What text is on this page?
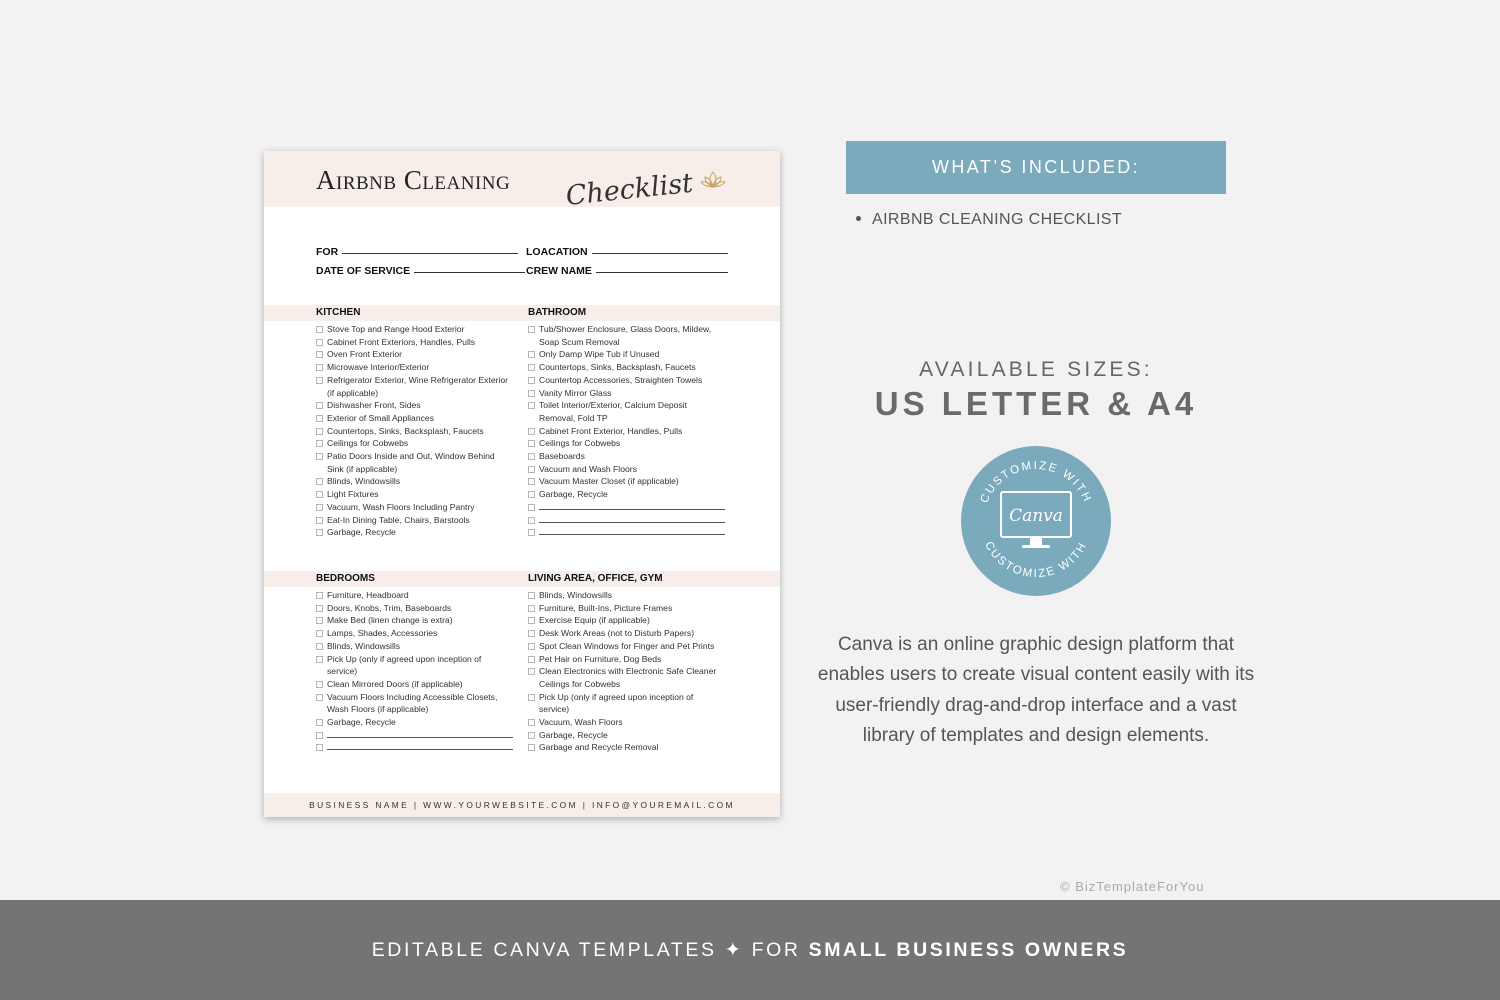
Airbnb Cleaning Checklist
FOR	LOACATION
DATE OF SERVICE	CREW NAME
KITCHEN	BATHROOM
Stove Top and Range Hood Exterior
Cabinet Front Exteriors, Handles, Pulls
Oven Front Exterior
Microwave Interior/Exterior
Refrigerator Exterior, Wine Refrigerator Exterior
(if applicable)
Dishwasher Front, Sides
Exterior of Small Appliances
Countertops, Sinks, Backsplash, Faucets
Ceilings for Cobwebs
Patio Doors Inside and Out, Window Behind
Sink (if applicable)
Blinds, Windowsills
Light Fixtures
Vacuum, Wash Floors Including Pantry
Eat-In Dining Table, Chairs, Barstools
Garbage, Recycle
Tub/Shower Enclosure, Glass Doors, Mildew,
Soap Scum Removal
Only Damp Wipe Tub if Unused
Countertops, Sinks, Backsplash, Faucets
Countertop Accessories, Straighten Towels
Vanity Mirror Glass
Toilet Interior/Exterior, Calcium Deposit
Removal, Fold TP
Cabinet Front Exterior, Handles, Pulls
Ceilings for Cobwebs
Baseboards
Vacuum and Wash Floors
Vacuum Master Closet (if applicable)
Garbage, Recycle
BEDROOMS	LIVING AREA, OFFICE, GYM
Furniture, Headboard
Doors, Knobs, Trim, Baseboards
Make Bed (linen change is extra)
Lamps, Shades, Accessories
Blinds, Windowsills
Pick Up (only if agreed upon inception of
service)
Clean Mirrored Doors (if applicable)
Vacuum Floors Including Accessible Closets,
Wash Floors (if applicable)
Garbage, Recycle
Blinds, Windowsills
Furniture, Built-Ins, Picture Frames
Exercise Equip (if applicable)
Desk Work Areas (not to Disturb Papers)
Spot Clean Windows for Finger and Pet Prints
Pet Hair on Furniture, Dog Beds
Clean Electronics with Electronic Safe Cleaner
Ceilings for Cobwebs
Pick Up (only if agreed upon inception of
service)
Vacuum, Wash Floors
Garbage, Recycle
Garbage and Recycle Removal
BUSINESS NAME | WWW.YOURWEBSITE.COM | INFO@YOUREMAIL.COM
WHAT’S INCLUDED:
AIRBNB CLEANING CHECKLIST
AVAILABLE SIZES:
US LETTER & A4
CUSTOMIZE WITH
CUSTOMIZE WITH
Canva
Canva is an online graphic design platform that enables users to create visual content easily with its user-friendly drag-and-drop interface and a vast library of templates and design elements.
© BizTemplateForYou
EDITABLE CANVA TEMPLATES ✦ FOR SMALL BUSINESS OWNERS
